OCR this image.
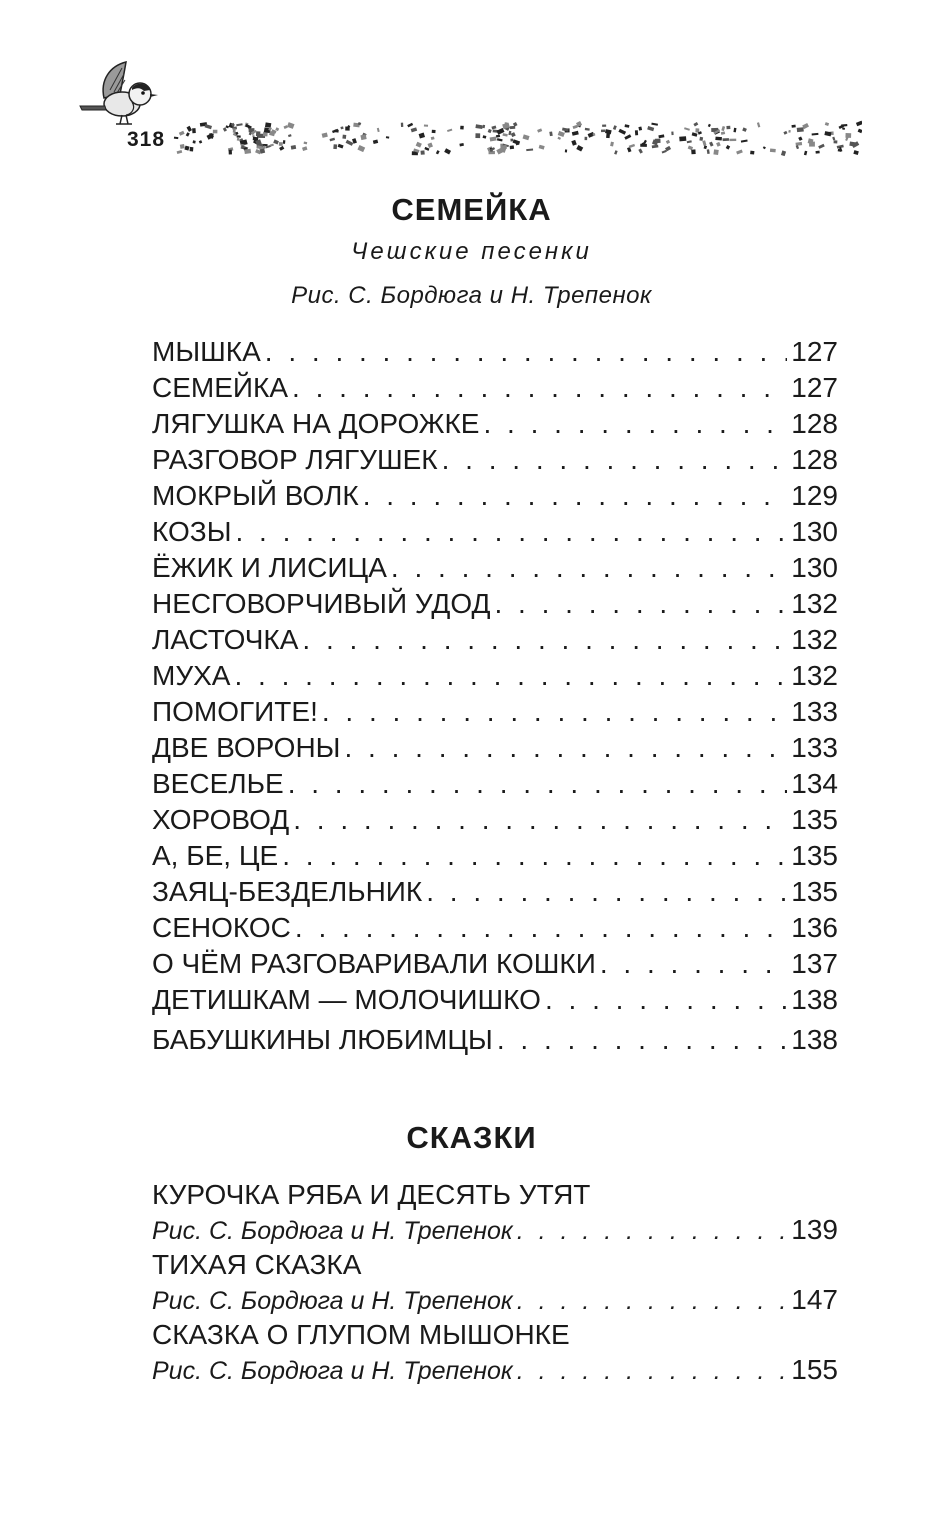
318
СЕМЕЙКА
Чешские песенки
Рис. С. Бордюга и Н. Трепенок
МЫШКА . . .	127
СЕМЕЙКА . . .	127
ЛЯГУШКА НА ДОРОЖКЕ . . .	128
РАЗГОВОР ЛЯГУШЕК . . .	128
МОКРЫЙ ВОЛК . . .	129
КОЗЫ . . .	130
ЁЖИК И ЛИСИЦА . . .	130
НЕСГОВОРЧИВЫЙ УДОД . . .	132
ЛАСТОЧКА . . .	132
МУХА . . .	132
ПОМОГИТЕ! . . .	133
ДВЕ ВОРОНЫ . . .	133
ВЕСЕЛЬЕ . . .	134
ХОРОВОД . . .	135
А, БЕ, ЦЕ . . .	135
ЗАЯЦ-БЕЗДЕЛЬНИК . . .	135
СЕНОКОС . . .	136
О ЧЁМ РАЗГОВАРИВАЛИ КОШКИ . . .	137
ДЕТИШКАМ — МОЛОЧИШКО . . .	138
БАБУШКИНЫ ЛЮБИМЦЫ . . .	138
СКАЗКИ
КУРОЧКА РЯБА И ДЕСЯТЬ УТЯТ
Рис. С. Бордюга и Н. Трепенок . . .	139
ТИХАЯ СКАЗКА
Рис. С. Бордюга и Н. Трепенок . . .	147
СКАЗКА О ГЛУПОМ МЫШОНКЕ
Рис. С. Бордюга и Н. Трепенок . . .	155
